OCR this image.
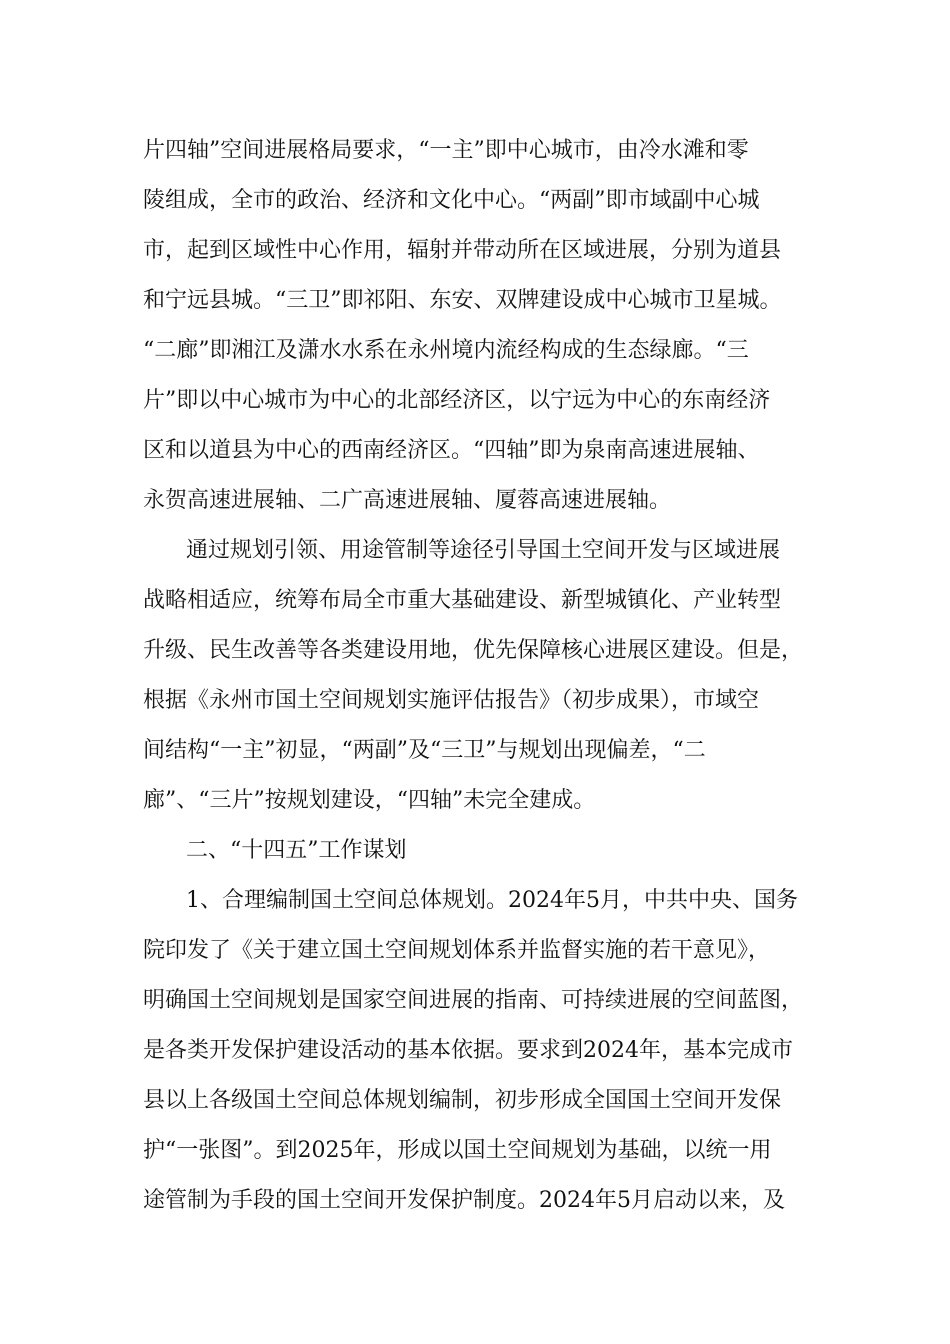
片四轴”空间进展格局要求，“一主”即中心城市，由冷水滩和零
陵组成，全市的政治、经济和文化中心。“两副”即市域副中心城
市，起到区域性中心作用，辐射并带动所在区域进展，分别为道县
和宁远县城。“三卫”即祁阳、东安、双牌建设成中心城市卫星城。
“二廊”即湘江及潇水水系在永州境内流经构成的生态绿廊。“三
片”即以中心城市为中心的北部经济区，以宁远为中心的东南经济
区和以道县为中心的西南经济区。“四轴”即为泉南高速进展轴、
永贺高速进展轴、二广高速进展轴、厦蓉高速进展轴。
通过规划引领、用途管制等途径引导国土空间开发与区域进展
战略相适应，统筹布局全市重大基础建设、新型城镇化、产业转型
升级、民生改善等各类建设用地，优先保障核心进展区建设。但是，
根据《永州市国土空间规划实施评估报告》（初步成果），市域空
间结构“一主”初显，“两副”及“三卫”与规划出现偏差，“二
廊”、“三片”按规划建设，“四轴”未完全建成。
二、“十四五”工作谋划
1、合理编制国土空间总体规划。2024年5月，中共中央、国务
院印发了《关于建立国土空间规划体系并监督实施的若干意见》，
明确国土空间规划是国家空间进展的指南、可持续进展的空间蓝图，
是各类开发保护建设活动的基本依据。要求到2024年，基本完成市
县以上各级国土空间总体规划编制，初步形成全国国土空间开发保
护“一张图”。到2025年，形成以国土空间规划为基础，以统一用
途管制为手段的国土空间开发保护制度。2024年5月启动以来，及
